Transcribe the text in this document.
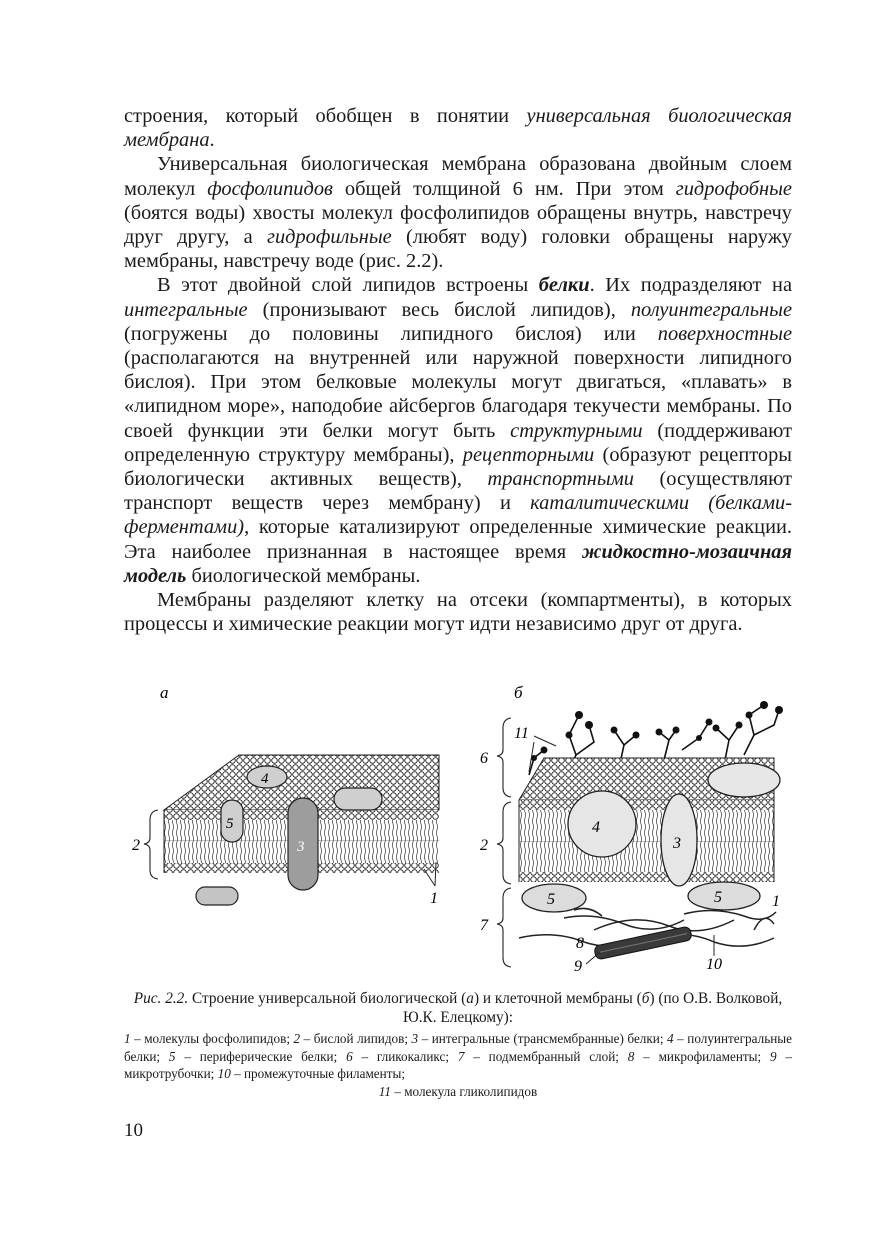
строения, который обобщен в понятии универсальная биологическая мембрана.

Универсальная биологическая мембрана образована двойным слоем молекул фосфолипидов общей толщиной 6 нм. При этом гидрофобные (боятся воды) хвосты молекул фосфолипидов обращены внутрь, навстречу друг другу, а гидрофильные (любят воду) головки обращены наружу мембраны, навстречу воде (рис. 2.2).

В этот двойной слой липидов встроены белки. Их подразделяют на интегральные (пронизывают весь бислой липидов), полуинтегральные (погружены до половины липидного бислоя) или поверхностные (располагаются на внутренней или наружной поверхности липидного бислоя). При этом белковые молекулы могут двигаться, «плавать» в «липидном море», наподобие айсбергов благодаря текучести мембраны. По своей функции эти белки могут быть структурными (поддерживают определенную структуру мембраны), рецепторными (образуют рецепторы биологически активных веществ), транспортными (осуществляют транспорт веществ через мембрану) и каталитическими (белками-ферментами), которые катализируют определенные химические реакции. Эта наиболее признанная в настоящее время жидкостно-мозаичная модель биологической мембраны.

Мембраны разделяют клетку на отсеки (компартменты), в которых процессы и химические реакции могут идти независимо друг от друга.

а	б
4
5
3
2
1
4
3
5	5	1
11
8
9	10
6
2
7
Рис. 2.2. Строение универсальной биологической (а) и клеточной мембраны (б) (по О.В. Волковой, Ю.К. Елецкому):
1 – молекулы фосфолипидов; 2 – бислой липидов; 3 – интегральные (трансмембранные) белки; 4 – полуинтегральные белки; 5 – периферические белки; 6 – гликокаликс; 7 – подмембранный слой; 8 – микрофиламенты; 9 – микротрубочки; 10 – промежуточные филаменты;
11 – молекула гликолипидов
10
